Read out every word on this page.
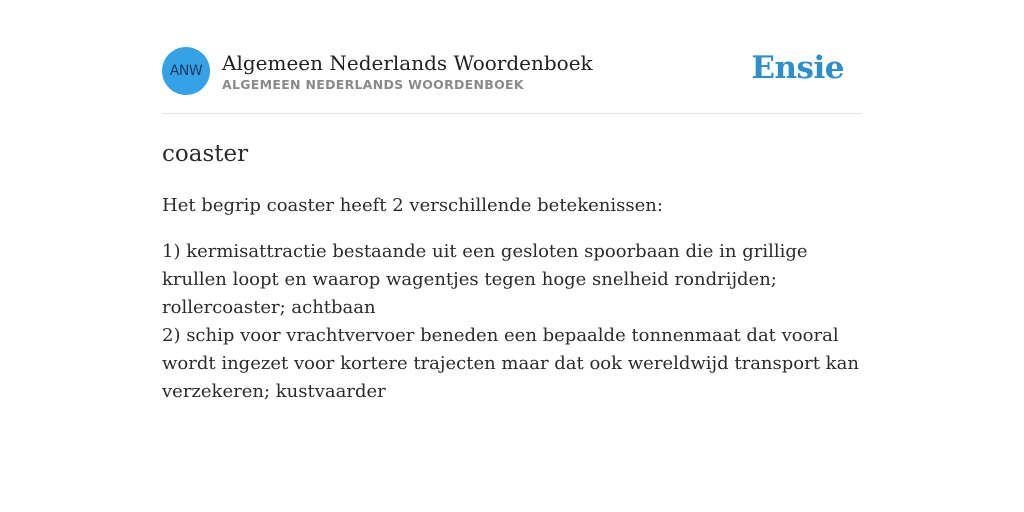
ANW Algemeen Nederlands Woordenboek
ALGEMEEN NEDERLANDS WOORDENBOEK	Ensie
coaster
Het begrip coaster heeft 2 verschillende betekenissen:

1) kermisattractie bestaande uit een gesloten spoorbaan die in grillige krullen loopt en waarop wagentjes tegen hoge snelheid rondrijden; rollercoaster; achtbaan

2) schip voor vrachtvervoer beneden een bepaalde tonnenmaat dat vooral wordt ingezet voor kortere trajecten maar dat ook wereldwijd transport kan verzekeren; kustvaarder
